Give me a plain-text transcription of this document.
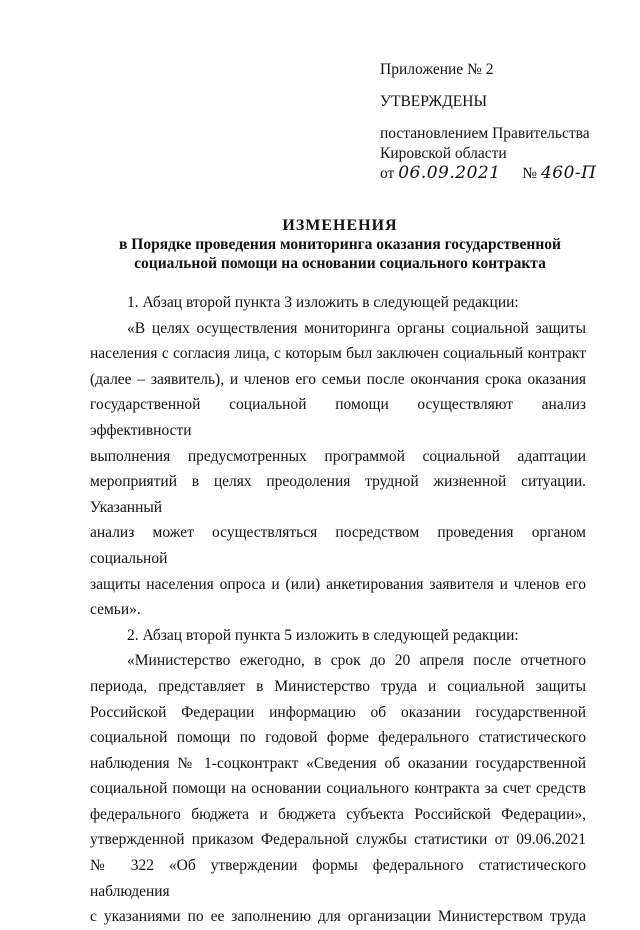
Приложение № 2
УТВЕРЖДЕНЫ
постановлением Правительства
Кировской области
от 06.09.2021 № 460-П
ИЗМЕНЕНИЯ
в Порядке проведения мониторинга оказания государственной
социальной помощи на основании социального контракта

1. Абзац второй пункта 3 изложить в следующей редакции:

«В целях осуществления мониторинга органы социальной защиты

населения с согласия лица, с которым был заключен социальный контракт

(далее – заявитель), и членов его семьи после окончания срока оказания

государственной социальной помощи осуществляют анализ эффективности

выполнения предусмотренных программой социальной адаптации

мероприятий в целях преодоления трудной жизненной ситуации. Указанный

анализ может осуществляться посредством проведения органом социальной

защиты населения опроса и (или) анкетирования заявителя и членов его

семьи».

2. Абзац второй пункта 5 изложить в следующей редакции:

«Министерство ежегодно, в срок до 20 апреля после отчетного

периода, представляет в Министерство труда и социальной защиты

Российской Федерации информацию об оказании государственной

социальной помощи по годовой форме федерального статистического

наблюдения № 1-соцконтракт «Сведения об оказании государственной

социальной помощи на основании социального контракта за счет средств

федерального бюджета и бюджета субъекта Российской Федерации»,

утвержденной приказом Федеральной службы статистики от 09.06.2021

№ 322 «Об утверждении формы федерального статистического наблюдения

с указаниями по ее заполнению для организации Министерством труда
